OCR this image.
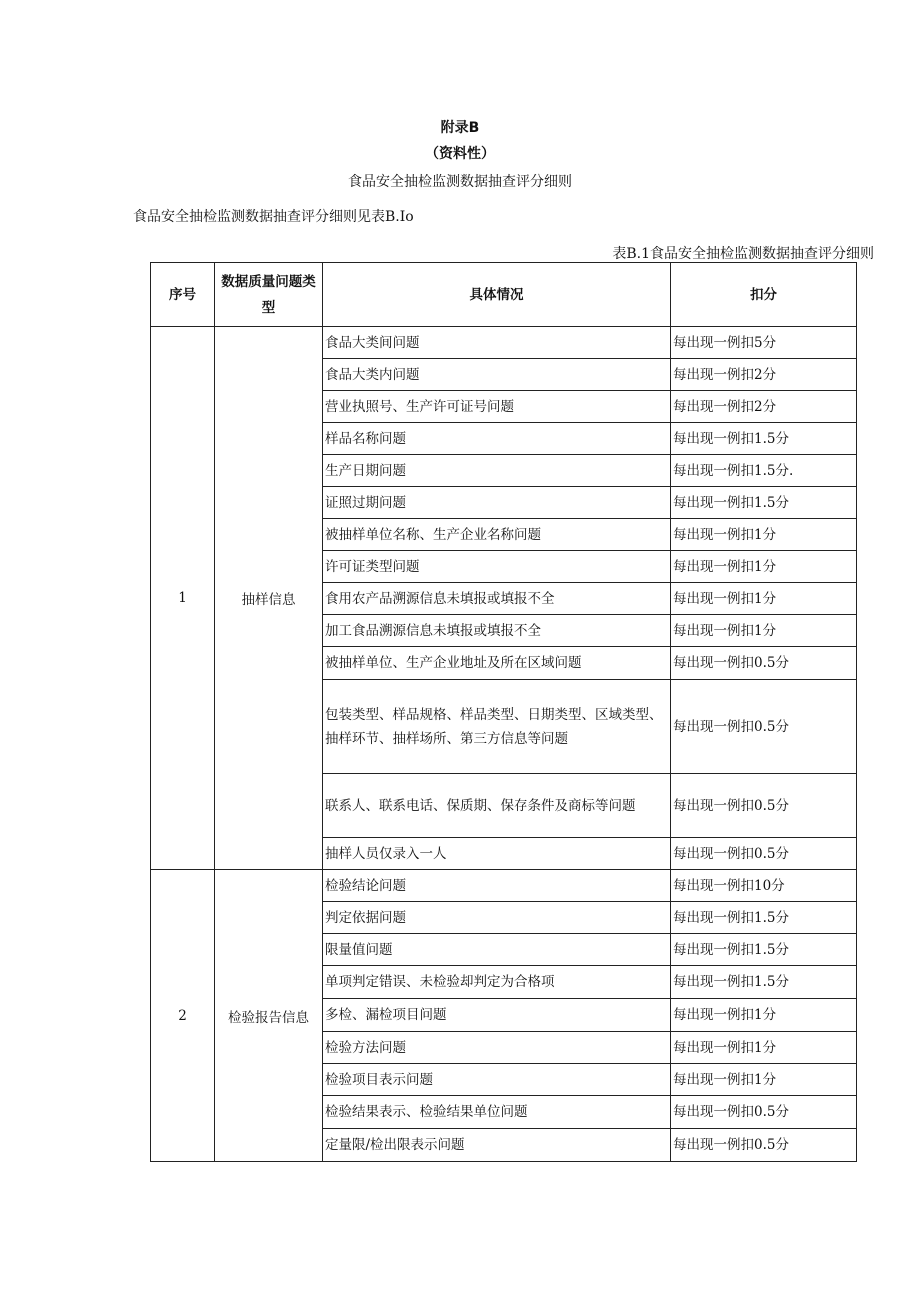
附录B
（资料性）
食品安全抽检监测数据抽查评分细则
食品安全抽检监测数据抽查评分细则见表B.Io
表B.1食品安全抽检监测数据抽查评分细则
序号	数据质量问题类型	具体情况	扣分
1	抽样信息	食品大类间问题	每出现一例扣5分
		食品大类内问题	每出现一例扣2分
		营业执照号、生产许可证号问题	每出现一例扣2分
		样品名称问题	每出现一例扣1.5分
		生产日期问题	每出现一例扣1.5分.
		证照过期问题	每出现一例扣1.5分
		被抽样单位名称、生产企业名称问题	每出现一例扣1分
		许可证类型问题	每出现一例扣1分
		食用农产品溯源信息未填报或填报不全	每出现一例扣1分
		加工食品溯源信息未填报或填报不全	每出现一例扣1分
		被抽样单位、生产企业地址及所在区域问题	每出现一例扣0.5分
		包装类型、样品规格、样品类型、日期类型、区域类型、抽样环节、抽样场所、第三方信息等问题	每出现一例扣0.5分
		联系人、联系电话、保质期、保存条件及商标等问题	每出现一例扣0.5分
		抽样人员仅录入一人	每出现一例扣0.5分
2	检验报告信息	检验结论问题	每出现一例扣10分
		判定依据问题	每出现一例扣1.5分
		限量值问题	每出现一例扣1.5分
		单项判定错误、未检验却判定为合格项	每出现一例扣1.5分
		多检、漏检项目问题	每出现一例扣1分
		检验方法问题	每出现一例扣1分
		检验项目表示问题	每出现一例扣1分
		检验结果表示、检验结果单位问题	每出现一例扣0.5分
		定量限/检出限表示问题	每出现一例扣0.5分
